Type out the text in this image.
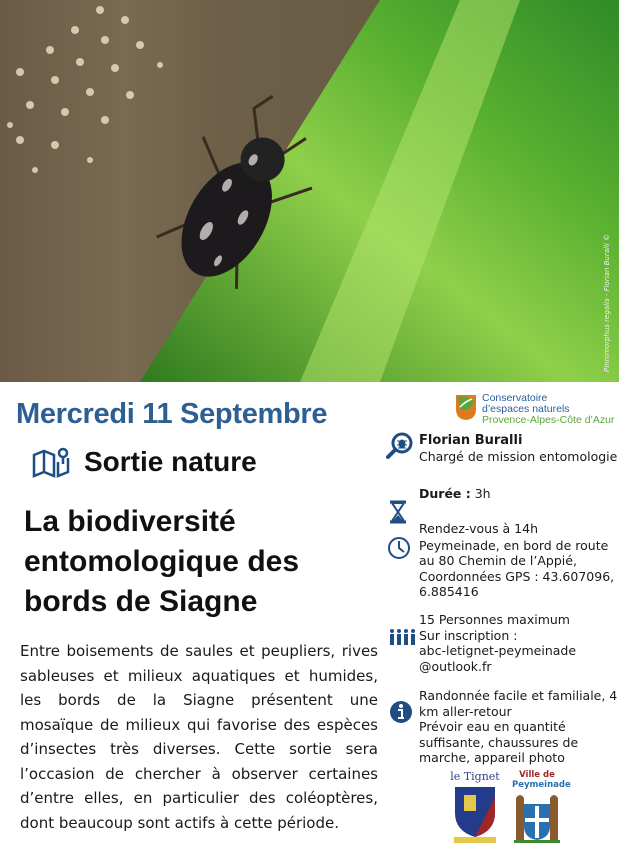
Pinnimorphus regalis - Florian Buralli ©
Mercredi 11 Septembre
Sortie nature
La biodiversité entomologique des bords de Siagne
Entre boisements de saules et peupliers, rives sableuses et milieux aquatiques et humides, les bords de la Siagne présentent une mosaïque de milieux qui favorise des espèces d’insectes très diverses. Cette sortie sera l’occasion de chercher à observer certaines d’entre elles, en particulier des coléoptères, dont beaucoup sont actifs à cette période.
Conservatoire
d’espaces naturels
Provence-Alpes-Côte d’Azur
Florian Buralli
Chargé de mission entomologie
Durée : 3h
Rendez-vous à 14h
Peymeinade, en bord de route au 80 Chemin de l’Appié, Coordonnées GPS : 43.607096, 6.885416
15 Personnes maximum
Sur inscription :
abc-letignet-peymeinade@outlook.fr
Randonnée facile et familiale, 4 km aller-retour
Prévoir eau en quantité suffisante, chaussures de marche, appareil photo
le Tignet	Ville de
Peymeinade
